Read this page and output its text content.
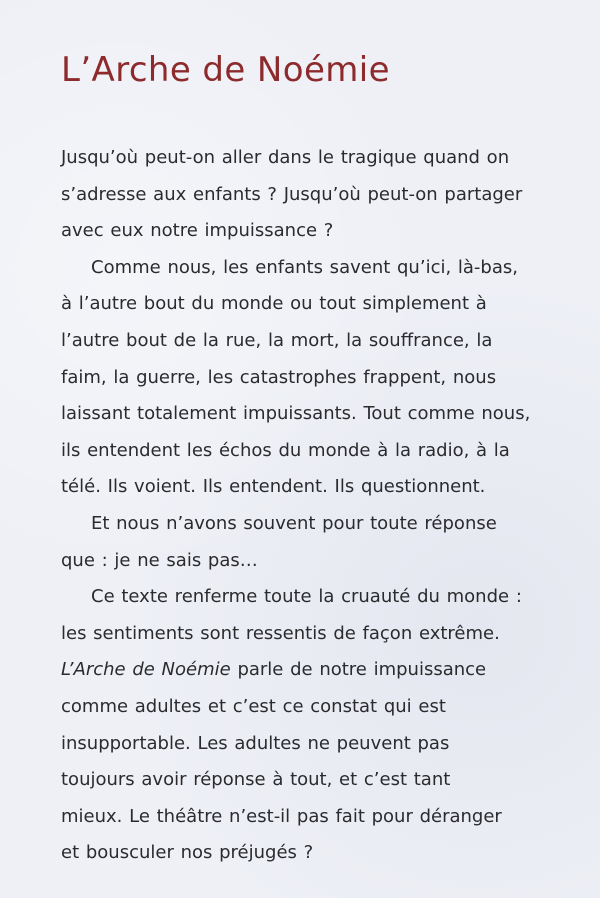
L’Arche de Noémie

Jusqu’où peut-on aller dans le tragique quand on
s’adresse aux enfants ? Jusqu’où peut-on partager
avec eux notre impuissance ?

Comme nous, les enfants savent qu’ici, là-bas,
à l’autre bout du monde ou tout simplement à
l’autre bout de la rue, la mort, la souffrance, la
faim, la guerre, les catastrophes frappent, nous
laissant totalement impuissants. Tout comme nous,
ils entendent les échos du monde à la radio, à la
télé. Ils voient. Ils entendent. Ils questionnent.

Et nous n’avons souvent pour toute réponse
que : je ne sais pas…

Ce texte renferme toute la cruauté du monde :
les sentiments sont ressentis de façon extrême.
L’Arche de Noémie parle de notre impuissance
comme adultes et c’est ce constat qui est
insupportable. Les adultes ne peuvent pas
toujours avoir réponse à tout, et c’est tant
mieux. Le théâtre n’est-il pas fait pour déranger
et bousculer nos préjugés ?
